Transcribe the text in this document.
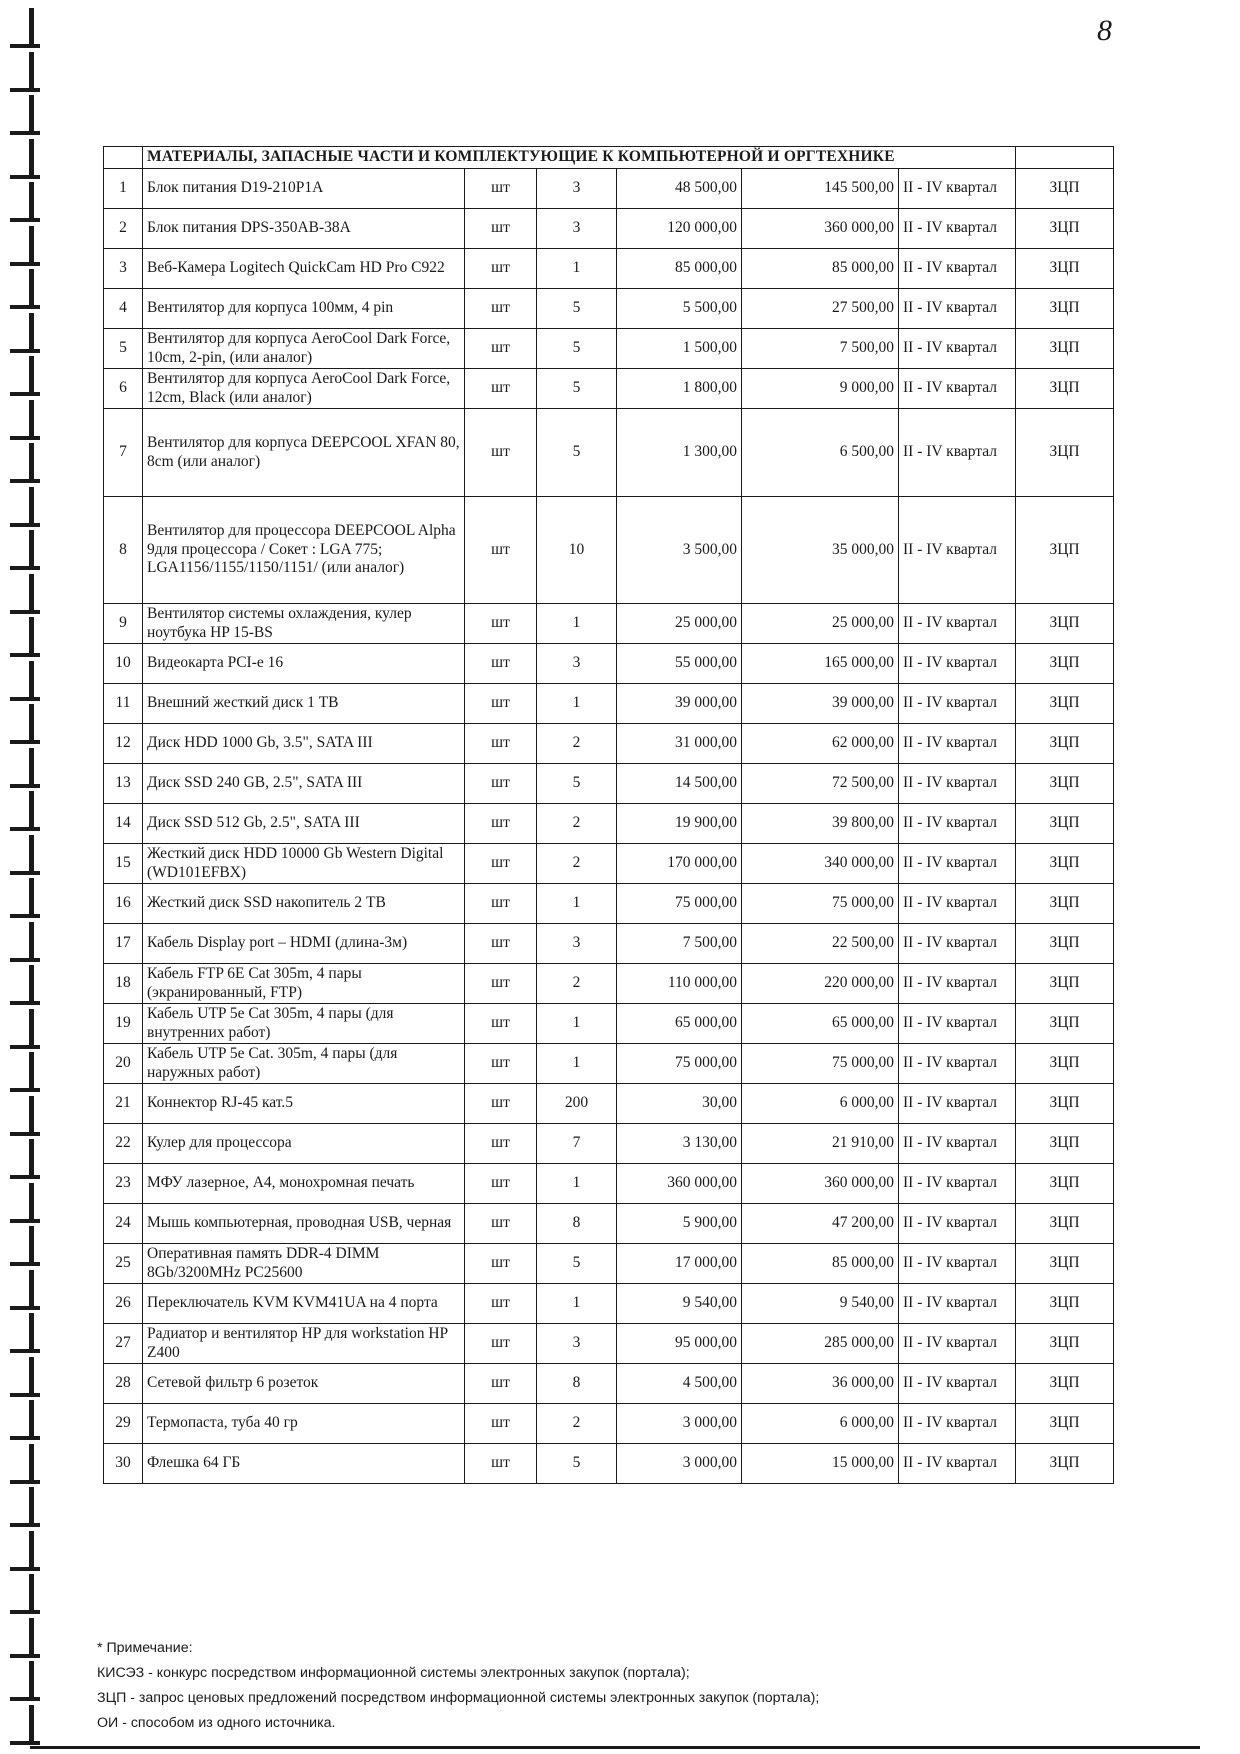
8
	МАТЕРИАЛЫ, ЗАПАСНЫЕ ЧАСТИ И КОМПЛЕКТУЮЩИЕ К КОМПЬЮТЕРНОЙ И ОРГТЕХНИКЕ						
1	Блок питания D19-210P1A	шт	3	48 500,00	145 500,00	II - IV квартал	ЗЦП
2	Блок питания DPS-350AB-38A	шт	3	120 000,00	360 000,00	II - IV квартал	ЗЦП
3	Веб-Камера Logitech QuickCam HD Pro C922	шт	1	85 000,00	85 000,00	II - IV квартал	ЗЦП
4	Вентилятор для корпуса 100мм, 4 pin	шт	5	5 500,00	27 500,00	II - IV квартал	ЗЦП
5	Вентилятор для корпуса AeroCool Dark Force, 10cm, 2-pin, (или аналог)	шт	5	1 500,00	7 500,00	II - IV квартал	ЗЦП
6	Вентилятор для корпуса AeroCool Dark Force, 12cm, Black (или аналог)	шт	5	1 800,00	9 000,00	II - IV квартал	ЗЦП
7	Вентилятор для корпуса DEEPCOOL XFAN 80, 8cm (или аналог)	шт	5	1 300,00	6 500,00	II - IV квартал	ЗЦП
8	Вентилятор для процессора DEEPCOOL Alpha 9для процессора / Сокет : LGA 775; LGA1156/1155/1150/1151/ (или аналог)	шт	10	3 500,00	35 000,00	II - IV квартал	ЗЦП
9	Вентилятор системы охлаждения, кулер ноутбука HP 15-BS	шт	1	25 000,00	25 000,00	II - IV квартал	ЗЦП
10	Видеокарта PCI-e 16	шт	3	55 000,00	165 000,00	II - IV квартал	ЗЦП
11	Внешний жесткий диск 1 TB	шт	1	39 000,00	39 000,00	II - IV квартал	ЗЦП
12	Диск HDD 1000 Gb, 3.5", SATA III	шт	2	31 000,00	62 000,00	II - IV квартал	ЗЦП
13	Диск SSD 240 GB, 2.5", SATA III	шт	5	14 500,00	72 500,00	II - IV квартал	ЗЦП
14	Диск SSD 512 Gb, 2.5", SATA III	шт	2	19 900,00	39 800,00	II - IV квартал	ЗЦП
15	Жесткий диск HDD 10000 Gb Western Digital (WD101EFBX)	шт	2	170 000,00	340 000,00	II - IV квартал	ЗЦП
16	Жесткий диск SSD накопитель 2 TB	шт	1	75 000,00	75 000,00	II - IV квартал	ЗЦП
17	Кабель Display port – HDMI (длина-3м)	шт	3	7 500,00	22 500,00	II - IV квартал	ЗЦП
18	Кабель FTP 6E Cat 305m, 4 пары (экранированный, FTP)	шт	2	110 000,00	220 000,00	II - IV квартал	ЗЦП
19	Кабель UTP 5e Cat 305m, 4 пары (для внутренних работ)	шт	1	65 000,00	65 000,00	II - IV квартал	ЗЦП
20	Кабель UTP 5e Cat. 305m, 4 пары (для наружных работ)	шт	1	75 000,00	75 000,00	II - IV квартал	ЗЦП
21	Коннектор RJ-45 кат.5	шт	200	30,00	6 000,00	II - IV квартал	ЗЦП
22	Кулер для процессора	шт	7	3 130,00	21 910,00	II - IV квартал	ЗЦП
23	МФУ лазерное, А4, монохромная печать	шт	1	360 000,00	360 000,00	II - IV квартал	ЗЦП
24	Мышь компьютерная, проводная USB, черная	шт	8	5 900,00	47 200,00	II - IV квартал	ЗЦП
25	Оперативная память DDR-4 DIMM 8Gb/3200MHz PC25600	шт	5	17 000,00	85 000,00	II - IV квартал	ЗЦП
26	Переключатель KVM KVM41UA на 4 порта	шт	1	9 540,00	9 540,00	II - IV квартал	ЗЦП
27	Радиатор и вентилятор HP для workstation HP Z400	шт	3	95 000,00	285 000,00	II - IV квартал	ЗЦП
28	Сетевой фильтр 6 розеток	шт	8	4 500,00	36 000,00	II - IV квартал	ЗЦП
29	Термопаста, туба 40 гр	шт	2	3 000,00	6 000,00	II - IV квартал	ЗЦП
30	Флешка 64 ГБ	шт	5	3 000,00	15 000,00	II - IV квартал	ЗЦП
* Примечание:
КИСЭЗ - конкурс посредством информационной системы электронных закупок (портала);
ЗЦП - запрос ценовых предложений посредством информационной системы электронных закупок (портала);
ОИ - способом из одного источника.
